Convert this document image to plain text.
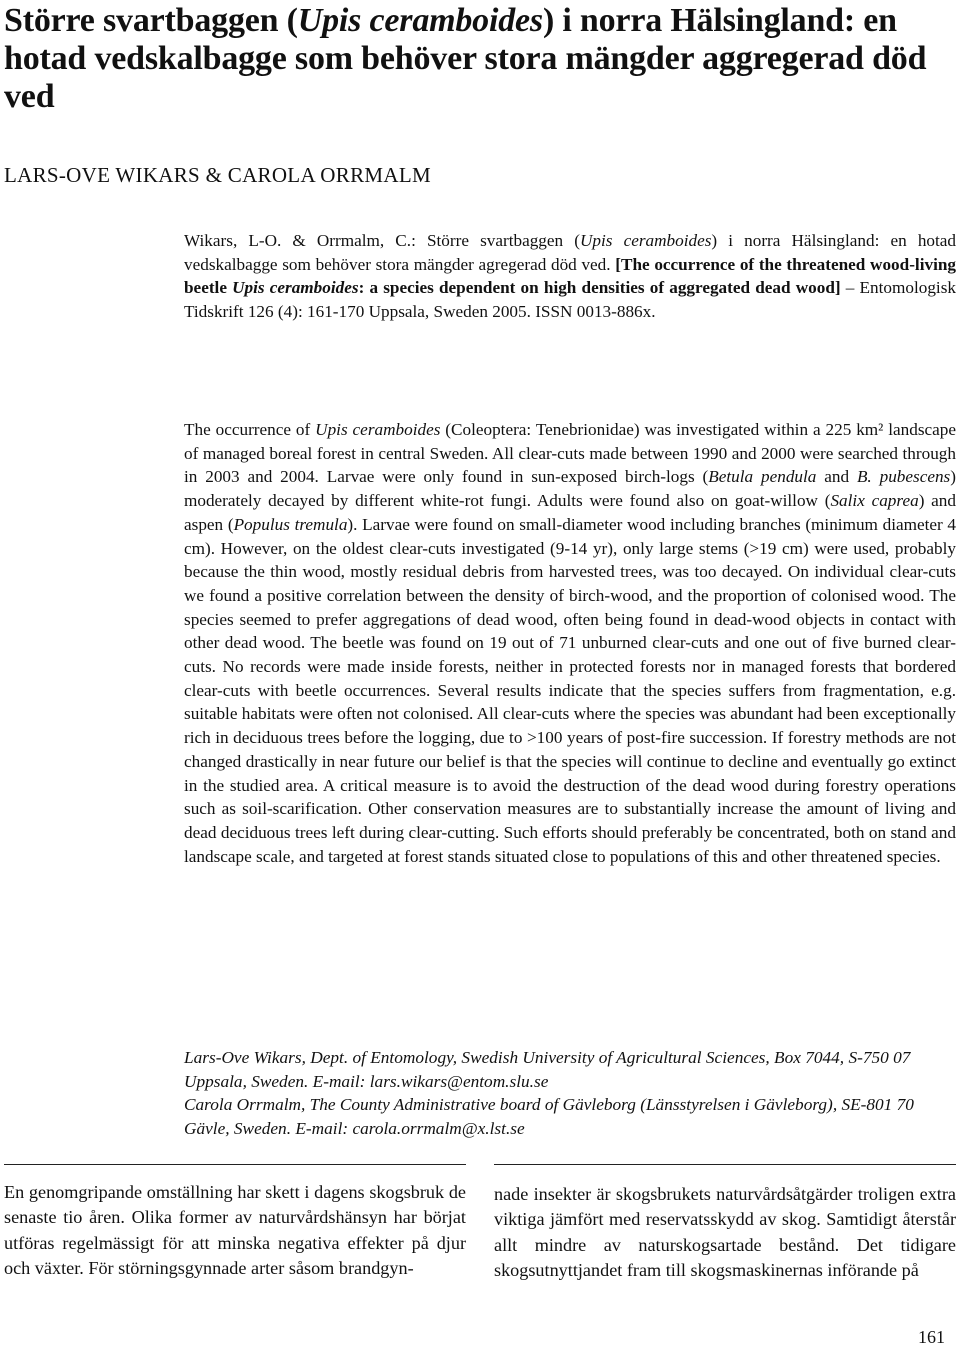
Större svartbaggen (Upis ceramboides) i norra Hälsingland: en hotad vedskalbagge som behöver stora mängder aggregerad död ved

LARS-OVE WIKARS & CAROLA ORRMALM

Wikars, L-O. & Orrmalm, C.: Större svartbaggen (Upis ceramboides) i norra Hälsingland: en hotad vedskalbagge som behöver stora mängder agregerad död ved. [The occurrence of the threatened wood-living beetle Upis ceramboides: a species dependent on high densities of aggregated dead wood] – Entomologisk Tidskrift 126 (4): 161-170 Uppsala, Sweden 2005. ISSN 0013-886x.

The occurrence of Upis ceramboides (Coleoptera: Tenebrionidae) was investigated within a 225 km² landscape of managed boreal forest in central Sweden. All clear-cuts made between 1990 and 2000 were searched through in 2003 and 2004. Larvae were only found in sun-exposed birch-logs (Betula pendula and B. pubescens) moderately decayed by different white-rot fungi. Adults were found also on goat-willow (Salix caprea) and aspen (Populus tremula). Larvae were found on small-diameter wood including branches (minimum diameter 4 cm). However, on the oldest clear-cuts investigated (9-14 yr), only large stems (>19 cm) were used, probably because the thin wood, mostly residual debris from harvested trees, was too decayed. On individual clear-cuts we found a positive correlation between the density of birch-wood, and the proportion of colonised wood. The species seemed to prefer aggregations of dead wood, often being found in dead-wood objects in contact with other dead wood. The beetle was found on 19 out of 71 unburned clear-cuts and one out of five burned clear-cuts. No records were made inside forests, neither in protected forests nor in managed forests that bordered clear-cuts with beetle occurrences. Several results indicate that the species suffers from fragmentation, e.g. suitable habitats were often not colonised. All clear-cuts where the species was abundant had been exceptionally rich in deciduous trees before the logging, due to >100 years of post-fire succession. If forestry methods are not changed drastically in near future our belief is that the species will continue to decline and eventually go extinct in the studied area. A critical measure is to avoid the destruction of the dead wood during forestry operations such as soil-scarification. Other conservation measures are to substantially increase the amount of living and dead deciduous trees left during clear-cutting. Such efforts should preferably be concentrated, both on stand and landscape scale, and targeted at forest stands situated close to populations of this and other threatened species.

Lars-Ove Wikars, Dept. of Entomology, Swedish University of Agricultural Sciences, Box 7044, S-750 07 Uppsala, Sweden. E-mail: lars.wikars@entom.slu.se

Carola Orrmalm, The County Administrative board of Gävleborg (Länsstyrelsen i Gävleborg), SE-801 70 Gävle, Sweden. E-mail: carola.orrmalm@x.lst.se

En genomgripande omställning har skett i dagens skogsbruk de senaste tio åren. Olika former av naturvårdshänsyn har börjat utföras regelmässigt för att minska negativa effekter på djur och växter. För störningsgynnade arter såsom brandgyn-

nade insekter är skogsbrukets naturvårdsåtgärder troligen extra viktiga jämfört med reservatsskydd av skog. Samtidigt återstår allt mindre av naturskogsartade bestånd. Det tidigare skogsutnyttjandet fram till skogsmaskinernas införande på

161
